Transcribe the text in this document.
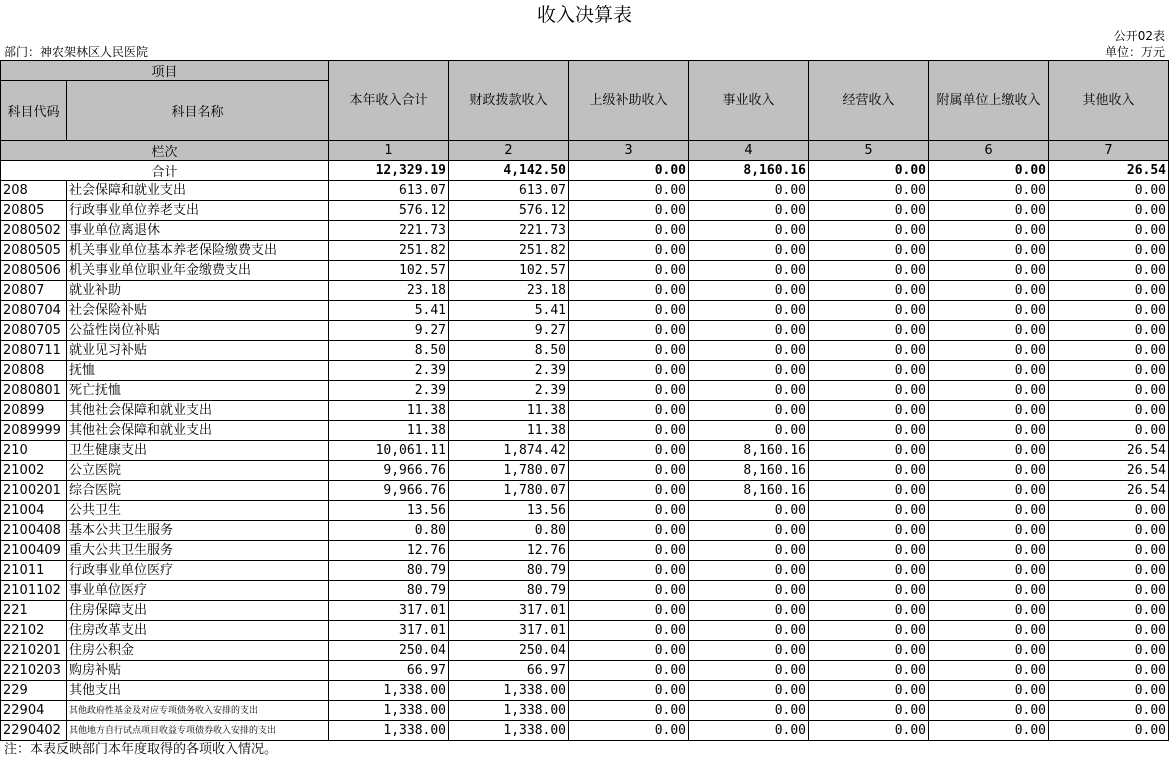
收入决算表
公开02表
部门：神农架林区人民医院	单位：万元
项目		本年收入合计	财政拨款收入	上级补助收入	事业收入	经营收入	附属单位上缴收入	其他收入
科目代码	科目名称							
栏次		1	2	3	4	5	6	7
合计		12,329.19	4,142.50	0.00	8,160.16	0.00	0.00	26.54
208	社会保障和就业支出	613.07	613.07	0.00	0.00	0.00	0.00	0.00
20805	行政事业单位养老支出	576.12	576.12	0.00	0.00	0.00	0.00	0.00
2080502	事业单位离退休	221.73	221.73	0.00	0.00	0.00	0.00	0.00
2080505	机关事业单位基本养老保险缴费支出	251.82	251.82	0.00	0.00	0.00	0.00	0.00
2080506	机关事业单位职业年金缴费支出	102.57	102.57	0.00	0.00	0.00	0.00	0.00
20807	就业补助	23.18	23.18	0.00	0.00	0.00	0.00	0.00
2080704	社会保险补贴	5.41	5.41	0.00	0.00	0.00	0.00	0.00
2080705	公益性岗位补贴	9.27	9.27	0.00	0.00	0.00	0.00	0.00
2080711	就业见习补贴	8.50	8.50	0.00	0.00	0.00	0.00	0.00
20808	抚恤	2.39	2.39	0.00	0.00	0.00	0.00	0.00
2080801	死亡抚恤	2.39	2.39	0.00	0.00	0.00	0.00	0.00
20899	其他社会保障和就业支出	11.38	11.38	0.00	0.00	0.00	0.00	0.00
2089999	其他社会保障和就业支出	11.38	11.38	0.00	0.00	0.00	0.00	0.00
210	卫生健康支出	10,061.11	1,874.42	0.00	8,160.16	0.00	0.00	26.54
21002	公立医院	9,966.76	1,780.07	0.00	8,160.16	0.00	0.00	26.54
2100201	综合医院	9,966.76	1,780.07	0.00	8,160.16	0.00	0.00	26.54
21004	公共卫生	13.56	13.56	0.00	0.00	0.00	0.00	0.00
2100408	基本公共卫生服务	0.80	0.80	0.00	0.00	0.00	0.00	0.00
2100409	重大公共卫生服务	12.76	12.76	0.00	0.00	0.00	0.00	0.00
21011	行政事业单位医疗	80.79	80.79	0.00	0.00	0.00	0.00	0.00
2101102	事业单位医疗	80.79	80.79	0.00	0.00	0.00	0.00	0.00
221	住房保障支出	317.01	317.01	0.00	0.00	0.00	0.00	0.00
22102	住房改革支出	317.01	317.01	0.00	0.00	0.00	0.00	0.00
2210201	住房公积金	250.04	250.04	0.00	0.00	0.00	0.00	0.00
2210203	购房补贴	66.97	66.97	0.00	0.00	0.00	0.00	0.00
229	其他支出	1,338.00	1,338.00	0.00	0.00	0.00	0.00	0.00
22904	其他政府性基金及对应专项债务收入安排的支出	1,338.00	1,338.00	0.00	0.00	0.00	0.00	0.00
2290402	其他地方自行试点项目收益专项债券收入安排的支出	1,338.00	1,338.00	0.00	0.00	0.00	0.00	0.00
注：本表反映部门本年度取得的各项收入情况。
